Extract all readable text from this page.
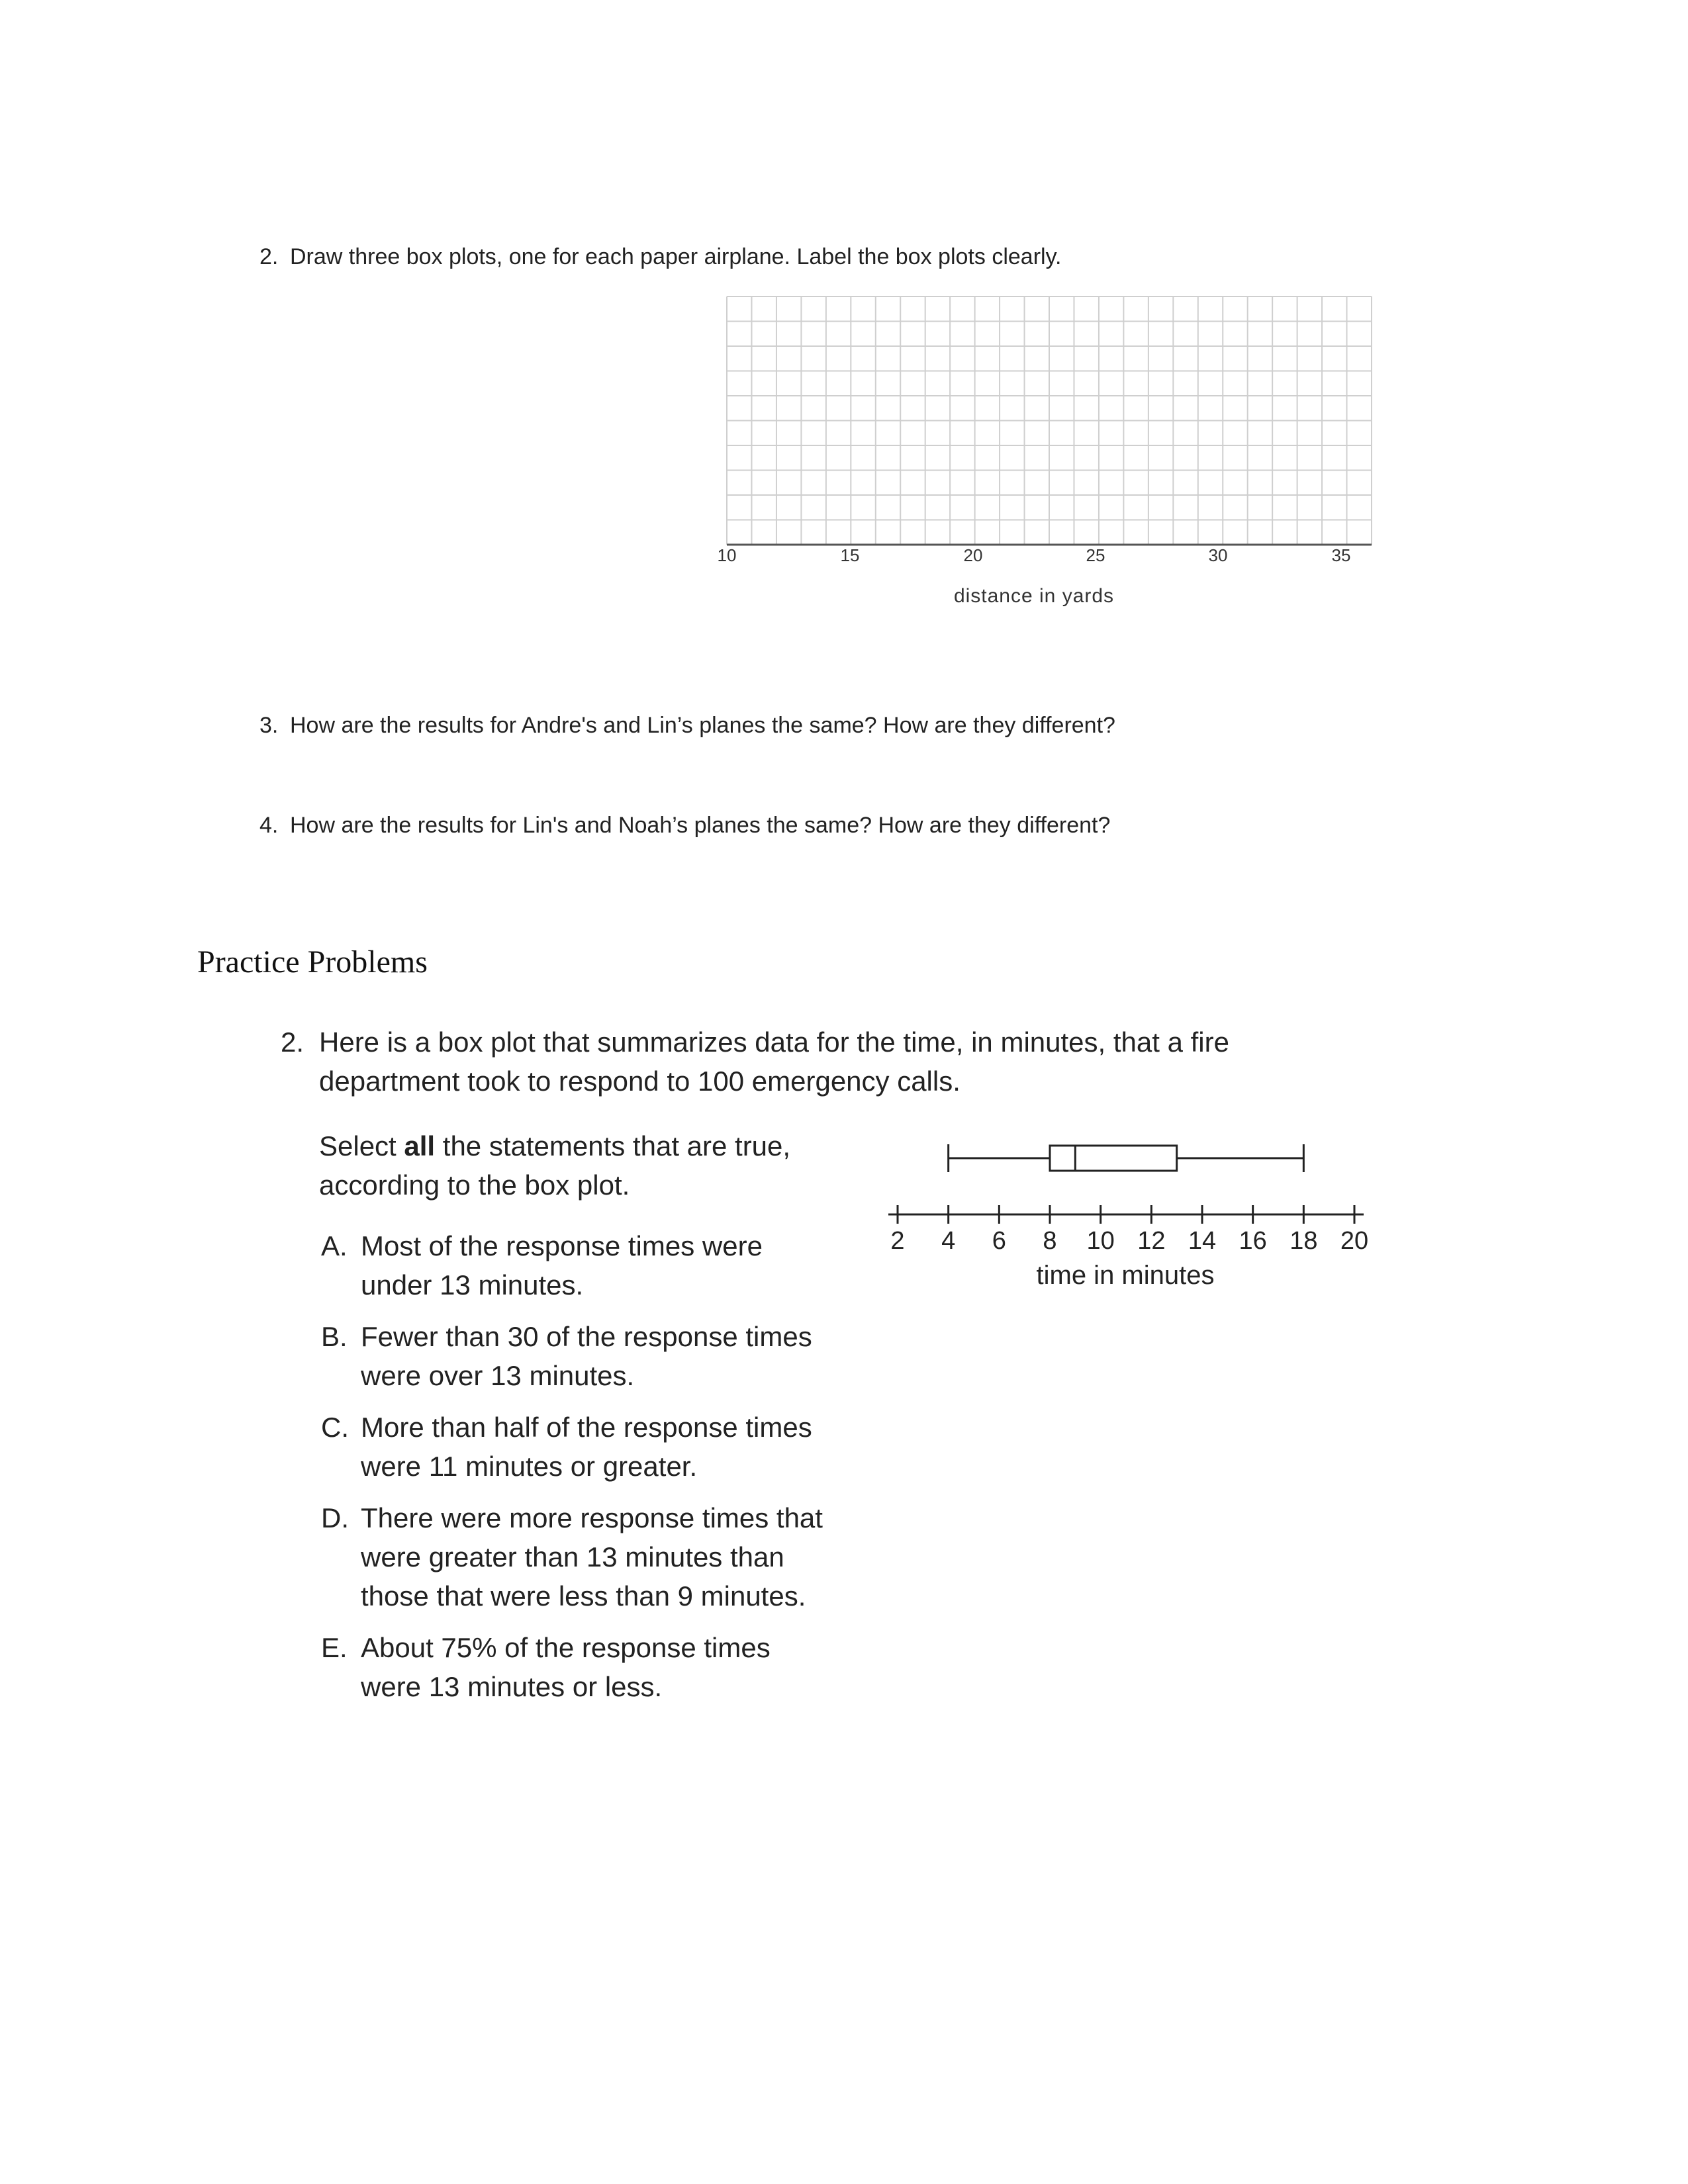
2. Draw three box plots, one for each paper airplane. Label the box plots clearly.
10	15	20	25	30	35
distance in yards
3. How are the results for Andre's and Lin’s planes the same? How are they different?
4. How are the results for Lin's and Noah’s planes the same? How are they different?
Practice Problems
2. Here is a box plot that summarizes data for the time, in minutes, that a fire department took to respond to 100 emergency calls.
Select all the statements that are true, according to the box plot.
A. Most of the response times were under 13 minutes.
B. Fewer than 30 of the response times were over 13 minutes.
C. More than half of the response times were 11 minutes or greater.
D. There were more response times that were greater than 13 minutes than those that were less than 9 minutes.
E. About 75% of the response times were 13 minutes or less.
2 4 6 8 10 12 14 16 18 20
time in minutes
